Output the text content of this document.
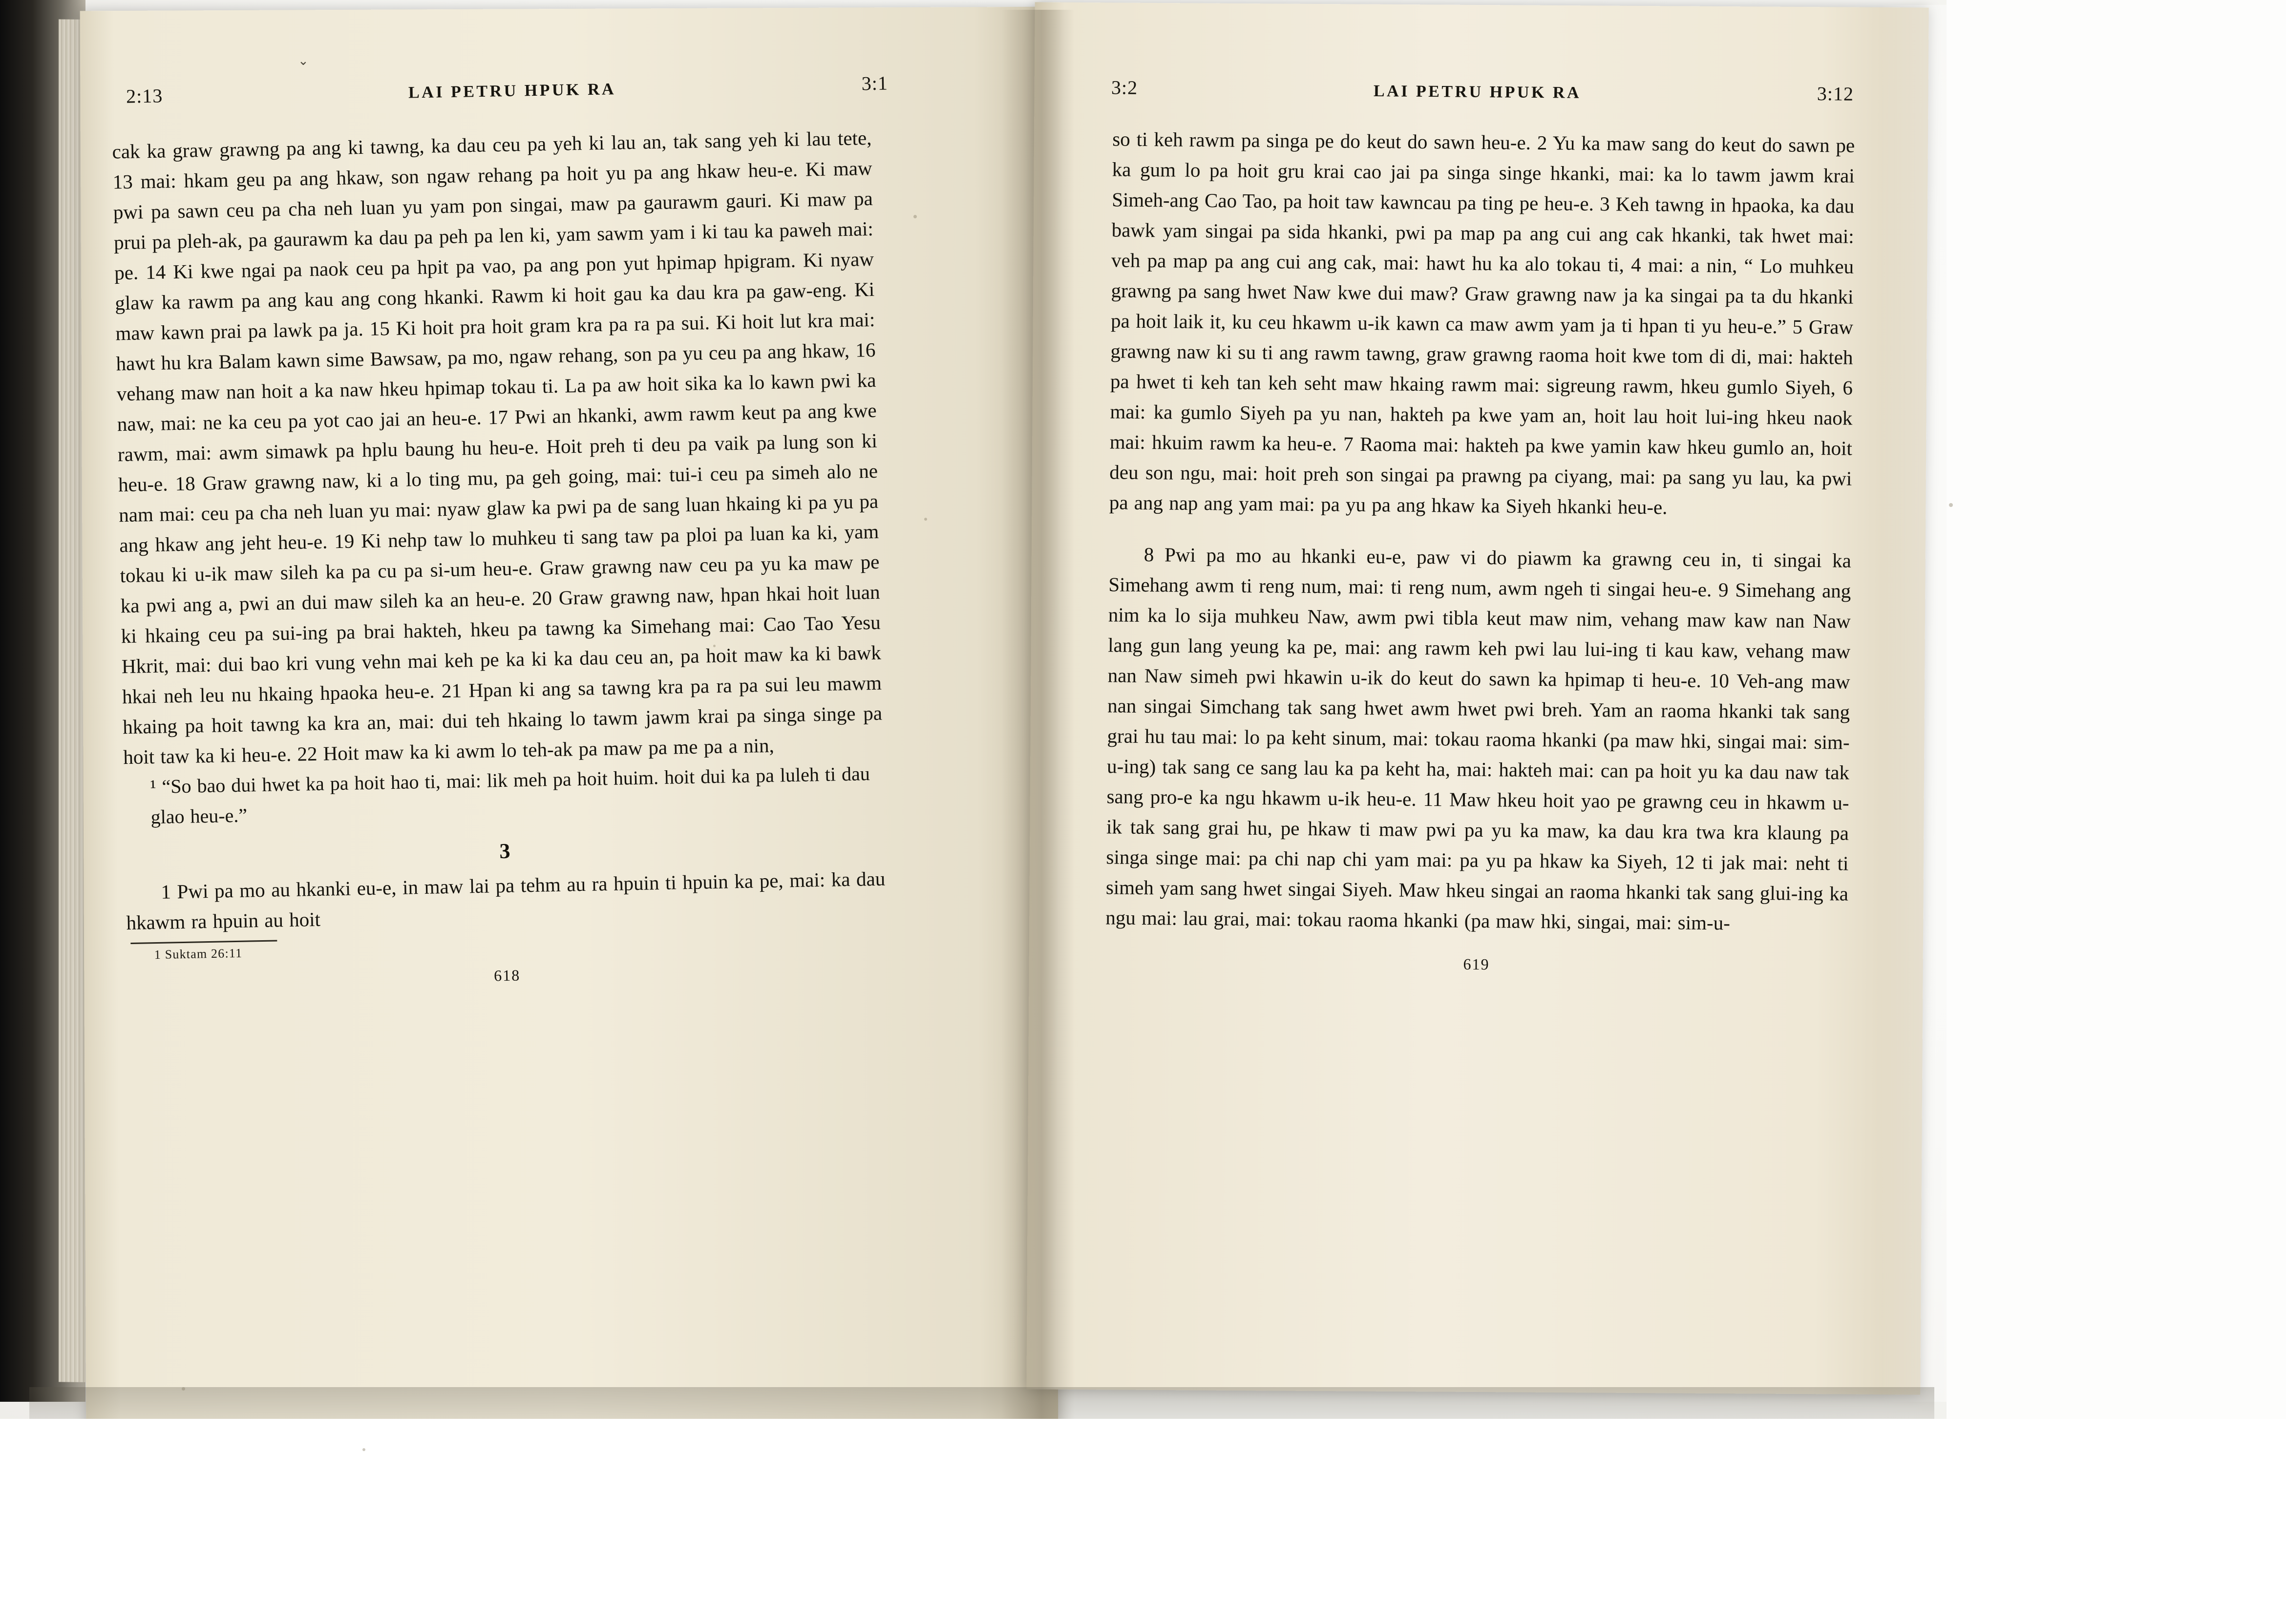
2:13	LAI PETRU HPUK RA	3:1

cak ka graw grawng pa ang ki tawng, ka dau ceu pa yeh ki lau an, tak sang yeh ki lau tete, 13 mai: hkam geu pa ang hkaw, son ngaw rehang pa hoit yu pa ang hkaw heu-e. Ki maw pwi pa sawn ceu pa cha neh luan yu yam pon singai, maw pa gaurawm gauri. Ki maw pa prui pa pleh-ak, pa gaurawm ka dau pa peh pa len ki, yam sawm yam i ki tau ka paweh mai: pe. 14 Ki kwe ngai pa naok ceu pa hpit pa vao, pa ang pon yut hpimap hpigram. Ki nyaw glaw ka rawm pa ang kau ang cong hkanki. Rawm ki hoit gau ka dau kra pa gaw-eng. Ki maw kawn prai pa lawk pa ja. 15 Ki hoit pra hoit gram kra pa ra pa sui. Ki hoit lut kra mai: hawt hu kra Balam kawn sime Bawsaw, pa mo, ngaw rehang, son pa yu ceu pa ang hkaw, 16 vehang maw nan hoit a ka naw hkeu hpimap tokau ti. La pa aw hoit sika ka lo kawn pwi ka naw, mai: ne ka ceu pa yot cao jai an heu-e. 17 Pwi an hkanki, awm rawm keut pa ang kwe rawm, mai: awm simawk pa hplu baung hu heu-e. Hoit preh ti deu pa vaik pa lung son ki heu-e. 18 Graw grawng naw, ki a lo ting mu, pa geh going, mai: tui-i ceu pa simeh alo ne nam mai: ceu pa cha neh luan yu mai: nyaw glaw ka pwi pa de sang luan hkaing ki pa yu pa ang hkaw ang jeht heu-e. 19 Ki nehp taw lo muhkeu ti sang taw pa ploi pa luan ka ki, yam tokau ki u-ik maw sileh ka pa cu pa si-um heu-e. Graw grawng naw ceu pa yu ka maw pe ka pwi ang a, pwi an dui maw sileh ka an heu-e. 20 Graw grawng naw, hpan hkai hoit luan ki hkaing ceu pa sui-ing pa brai hakteh, hkeu pa tawng ka Simehang mai: Cao Tao Yesu Hkrit, mai: dui bao kri vung vehn mai keh pe ka ki ka dau ceu an, pa hoit maw ka ki bawk hkai neh leu nu hkaing hpaoka heu-e. 21 Hpan ki ang sa tawng kra pa ra pa sui leu mawm hkaing pa hoit tawng ka kra an, mai: dui teh hkaing lo tawm jawm krai pa singa singe pa hoit taw ka ki heu-e. 22 Hoit maw ka ki awm lo teh-ak pa maw pa me pa a nin,

¹ “So bao dui hwet ka pa hoit hao ti, mai: lik meh pa hoit huim. hoit dui ka pa luleh ti dau glao heu-e.”

3

1 Pwi pa mo au hkanki eu-e, in maw lai pa tehm au ra hpuin ti hpuin ka pe, mai: ka dau hkawm ra hpuin au hoit

1 Suktam 26:11
618
3:2	LAI PETRU HPUK RA	3:12

so ti keh rawm pa singa pe do keut do sawn heu-e. 2 Yu ka maw sang do keut do sawn pe ka gum lo pa hoit gru krai cao jai pa singa singe hkanki, mai: ka lo tawm jawm krai Simeh-ang Cao Tao, pa hoit taw kawncau pa ting pe heu-e. 3 Keh tawng in hpaoka, ka dau bawk yam singai pa sida hkanki, pwi pa map pa ang cui ang cak hkanki, tak hwet mai: veh pa map pa ang cui ang cak, mai: hawt hu ka alo tokau ti, 4 mai: a nin, “ Lo muhkeu grawng pa sang hwet Naw kwe dui maw? Graw grawng naw ja ka singai pa ta du hkanki pa hoit laik it, ku ceu hkawm u-ik kawn ca maw awm yam ja ti hpan ti yu heu-e.” 5 Graw grawng naw ki su ti ang rawm tawng, graw grawng raoma hoit kwe tom di di, mai: hakteh pa hwet ti keh tan keh seht maw hkaing rawm mai: sigreung rawm, hkeu gumlo Siyeh, 6 mai: ka gumlo Siyeh pa yu nan, hakteh pa kwe yam an, hoit lau hoit lui-ing hkeu naok mai: hkuim rawm ka heu-e. 7 Raoma mai: hakteh pa kwe yamin kaw hkeu gumlo an, hoit deu son ngu, mai: hoit preh son singai pa prawng pa ciyang, mai: pa sang yu lau, ka pwi pa ang nap ang yam mai: pa yu pa ang hkaw ka Siyeh hkanki heu-e.

8 Pwi pa mo au hkanki eu-e, paw vi do piawm ka grawng ceu in, ti singai ka Simehang awm ti reng num, mai: ti reng num, awm ngeh ti singai heu-e. 9 Simehang ang nim ka lo sija muhkeu Naw, awm pwi tibla keut maw nim, vehang maw kaw nan Naw lang gun lang yeung ka pe, mai: ang rawm keh pwi lau lui-ing ti kau kaw, vehang maw nan Naw simeh pwi hkawin u-ik do keut do sawn ka hpimap ti heu-e. 10 Veh-ang maw nan singai Simchang tak sang hwet awm hwet pwi breh. Yam an raoma hkanki tak sang grai hu tau mai: lo pa keht sinum, mai: tokau raoma hkanki (pa maw hki, singai mai: sim-u-ing) tak sang ce sang lau ka pa keht ha, mai: hakteh mai: can pa hoit yu ka dau naw tak sang pro-e ka ngu hkawm u-ik heu-e. 11 Maw hkeu hoit yao pe grawng ceu in hkawm u-ik tak sang grai hu, pe hkaw ti maw pwi pa yu ka maw, ka dau kra twa kra klaung pa singa singe mai: pa chi nap chi yam mai: pa yu pa hkaw ka Siyeh, 12 ti jak mai: neht ti simeh yam sang hwet singai Siyeh. Maw hkeu singai an raoma hkanki tak sang glui-ing ka ngu mai: lau grai, mai: tokau raoma hkanki (pa maw hki, singai, mai: sim-u-

619
⌄
